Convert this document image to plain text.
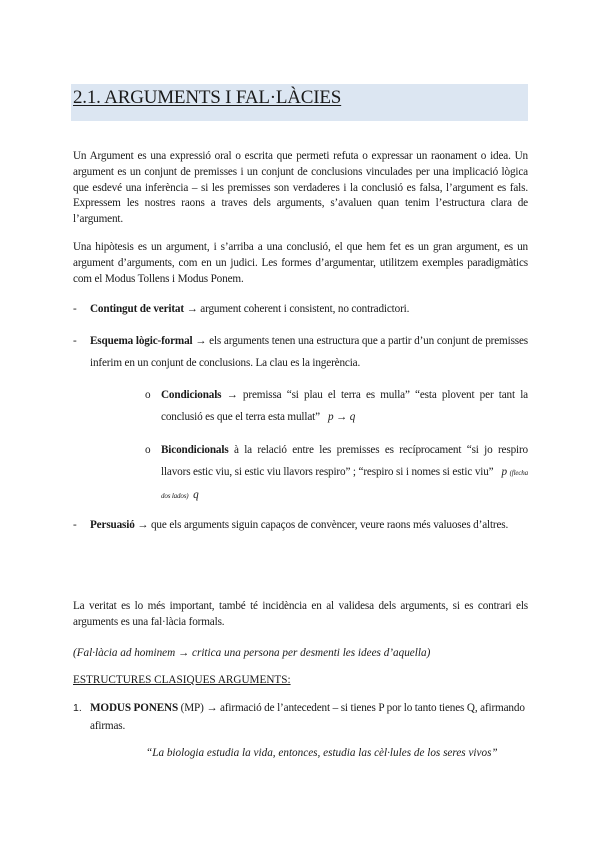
2.1. ARGUMENTS I FAL·LÀCIES

Un Argument es una expressió oral o escrita que permeti refuta o expressar un raonament o idea. Un argument es un conjunt de premisses i un conjunt de conclusions vinculades per una implicació lògica que esdevé una inferència – si les premisses son verdaderes i la conclusió es falsa, l’argument es fals. Expressem les nostres raons a traves dels arguments, s’avaluen quan tenim l’estructura clara de l’argument.

Una hipòtesis es un argument, i s’arriba a una conclusió, el que hem fet es un gran argument, es un argument d’arguments, com en un judici. Les formes d’argumentar, utilitzem exemples paradigmàtics com el Modus Tollens i Modus Ponem.

- Contingut de veritat → argument coherent i consistent, no contradictori.

- Esquema lògic-formal → els arguments tenen una estructura que a partir d’un conjunt de premisses inferim en un conjunt de conclusions. La clau es la ingerència.

o Condicionals → premissa “si plau el terra es mulla” “esta plovent per tant la conclusió es que el terra esta mullat” p → q

o Bicondicionals à la relació entre les premisses es recíprocament “si jo respiro llavors estic viu, si estic viu llavors respiro” ; “respiro si i nomes si estic viu” p (flecha dos lados) q

- Persuasió → que els arguments siguin capaços de convèncer, veure raons més valuoses d’altres.

La veritat es lo més important, també té incidència en al validesa dels arguments, si es contrari els arguments es una fal·làcia formals.

(Fal·làcia ad hominem → critica una persona per desmenti les idees d’aquella)

ESTRUCTURES CLASIQUES ARGUMENTS:

1. MODUS PONENS (MP) → afirmació de l’antecedent – si tienes P por lo tanto tienes Q, afirmando afirmas.

“La biologia estudia la vida, entonces, estudia las cèl·lules de los seres vivos”
